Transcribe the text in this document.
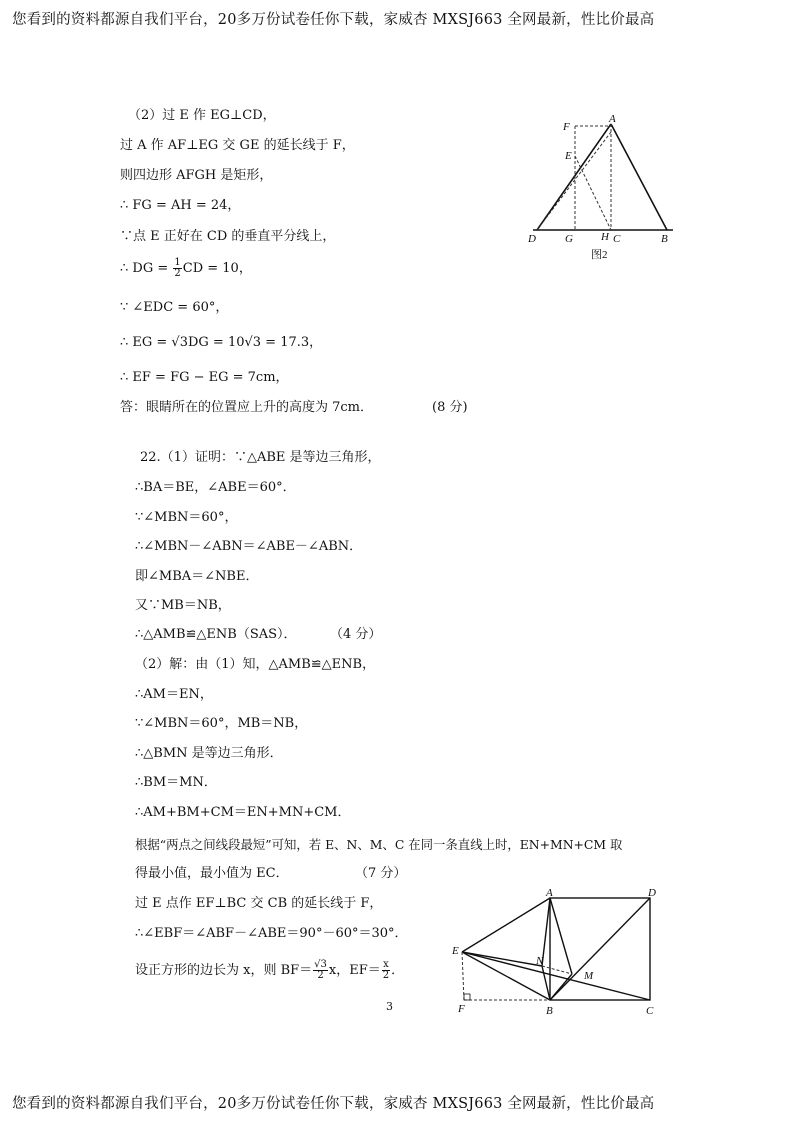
您看到的资料都源自我们平台，20多万份试卷任你下载，家威杏 MXSJ663 全网最新，性比价最高
（2）过 E 作 EG⊥CD，
过 A 作 AF⊥EG 交 GE 的延长线于 F，
则四边形 AFGH 是矩形，
∴ FG = AH = 24，
∵点 E 正好在 CD 的垂直平分线上，
∴ DG = $\frac{1}{2}$ CD = 10，
∵ ∠EDC = 60°，
∴ EG = √3DG = 10√3 = 17.3，
∴ EF = FG − EG = 7cm，
答：眼睛所在的位置应上升的高度为 7cm．	(8 分)
F
A
E
D	G	H C	B
图2
22.（1）证明：∵△ABE 是等边三角形，
∴BA＝BE，∠ABE＝60°．
∵∠MBN＝60°，
∴∠MBN－∠ABN＝∠ABE－∠ABN．
即∠MBA＝∠NBE．
又∵MB＝NB，
∴△AMB≌△ENB（SAS）．	（4 分）
（2）解：由（1）知，△AMB≌△ENB，
∴AM＝EN，
∵∠MBN＝60°，MB＝NB，
∴△BMN 是等边三角形．
∴BM＝MN．
∴AM+BM+CM＝EN+MN+CM．
根据“两点之间线段最短”可知，若 E、N、M、C 在同一条直线上时，EN+MN+CM 取
得最小值，最小值为 EC．	（7 分）
过 E 点作 EF⊥BC 交 CB 的延长线于 F，
∴∠EBF＝∠ABF－∠ABE＝90°－60°＝30°．
设正方形的边长为 x，则 $BF= \frac{√3}{2}$ x，$EF= \frac{x}{2}$ ．
A	D
E
N
M
F	B	C
3
您看到的资料都源自我们平台，20多万份试卷任你下载，家威杏 MXSJ663 全网最新，性比价最高
